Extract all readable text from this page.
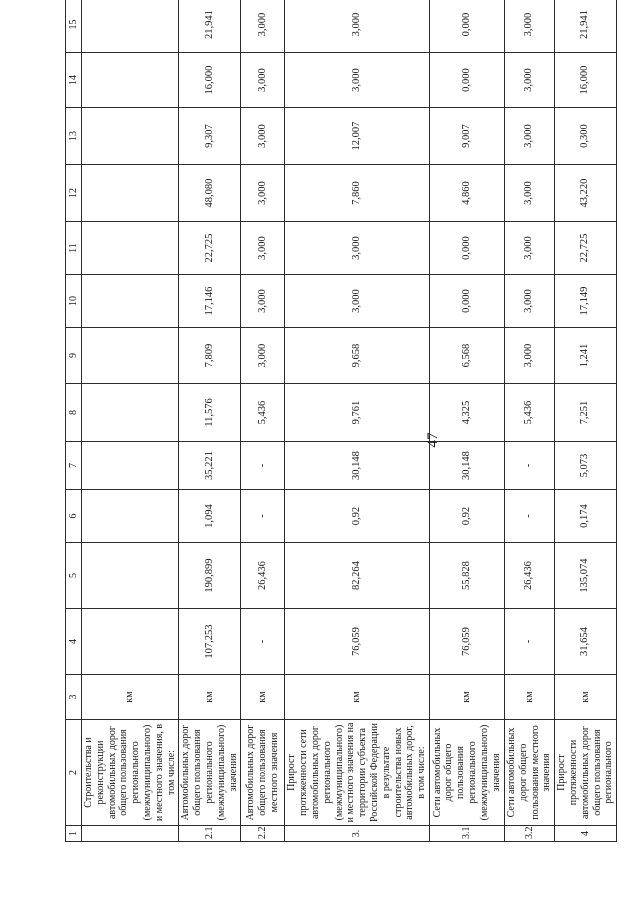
47
1	2	3	4	5	6	7	8	9	10	11	12	13	14	15
	Строительства и реконструкции автомобильных дорог общего пользования регионального (межмуниципального) и местного значения, в том числе:	км												
2.1	Автомобильных дорог общего пользования регионального (межмуниципального) значения	км	107,253	190,899	1,094	35,221	11,576	7,809	17,146	22,725	48,080	9,307	16,000	21,941
2.2	Автомобильных дорог общего пользования местного значения	км	-	26,436	-	-	5,436	3,000	3,000	3,000	3,000	3,000	3,000	3,000
3.	Прирост протяженности сети автомобильных дорог регионального (межмуниципального) и местного значения на территории субъекта Российской Федерации в результате строительства новых автомобильных дорог, в том числе:	км	76,059	82,264	0,92	30,148	9,761	9,658	3,000	3,000	7,860	12,007	3,000	3,000
3.1	Сети автомобильных дорог общего пользования регионального (межмуниципального) значения	км	76,059	55,828	0,92	30,148	4,325	6,568	0,000	0,000	4,860	9,007	0,000	0,000
3.2	Сети автомобильных дорог общего пользования местного значения	км	-	26,436	-	-	5,436	3,000	3,000	3,000	3,000	3,000	3,000	3,000
4	Прирост протяженности автомобильных дорог общего пользования регионального	км	31,654	135,074	0,174	5,073	7,251	1,241	17,149	22,725	43,220	0,300	16,000	21,941
